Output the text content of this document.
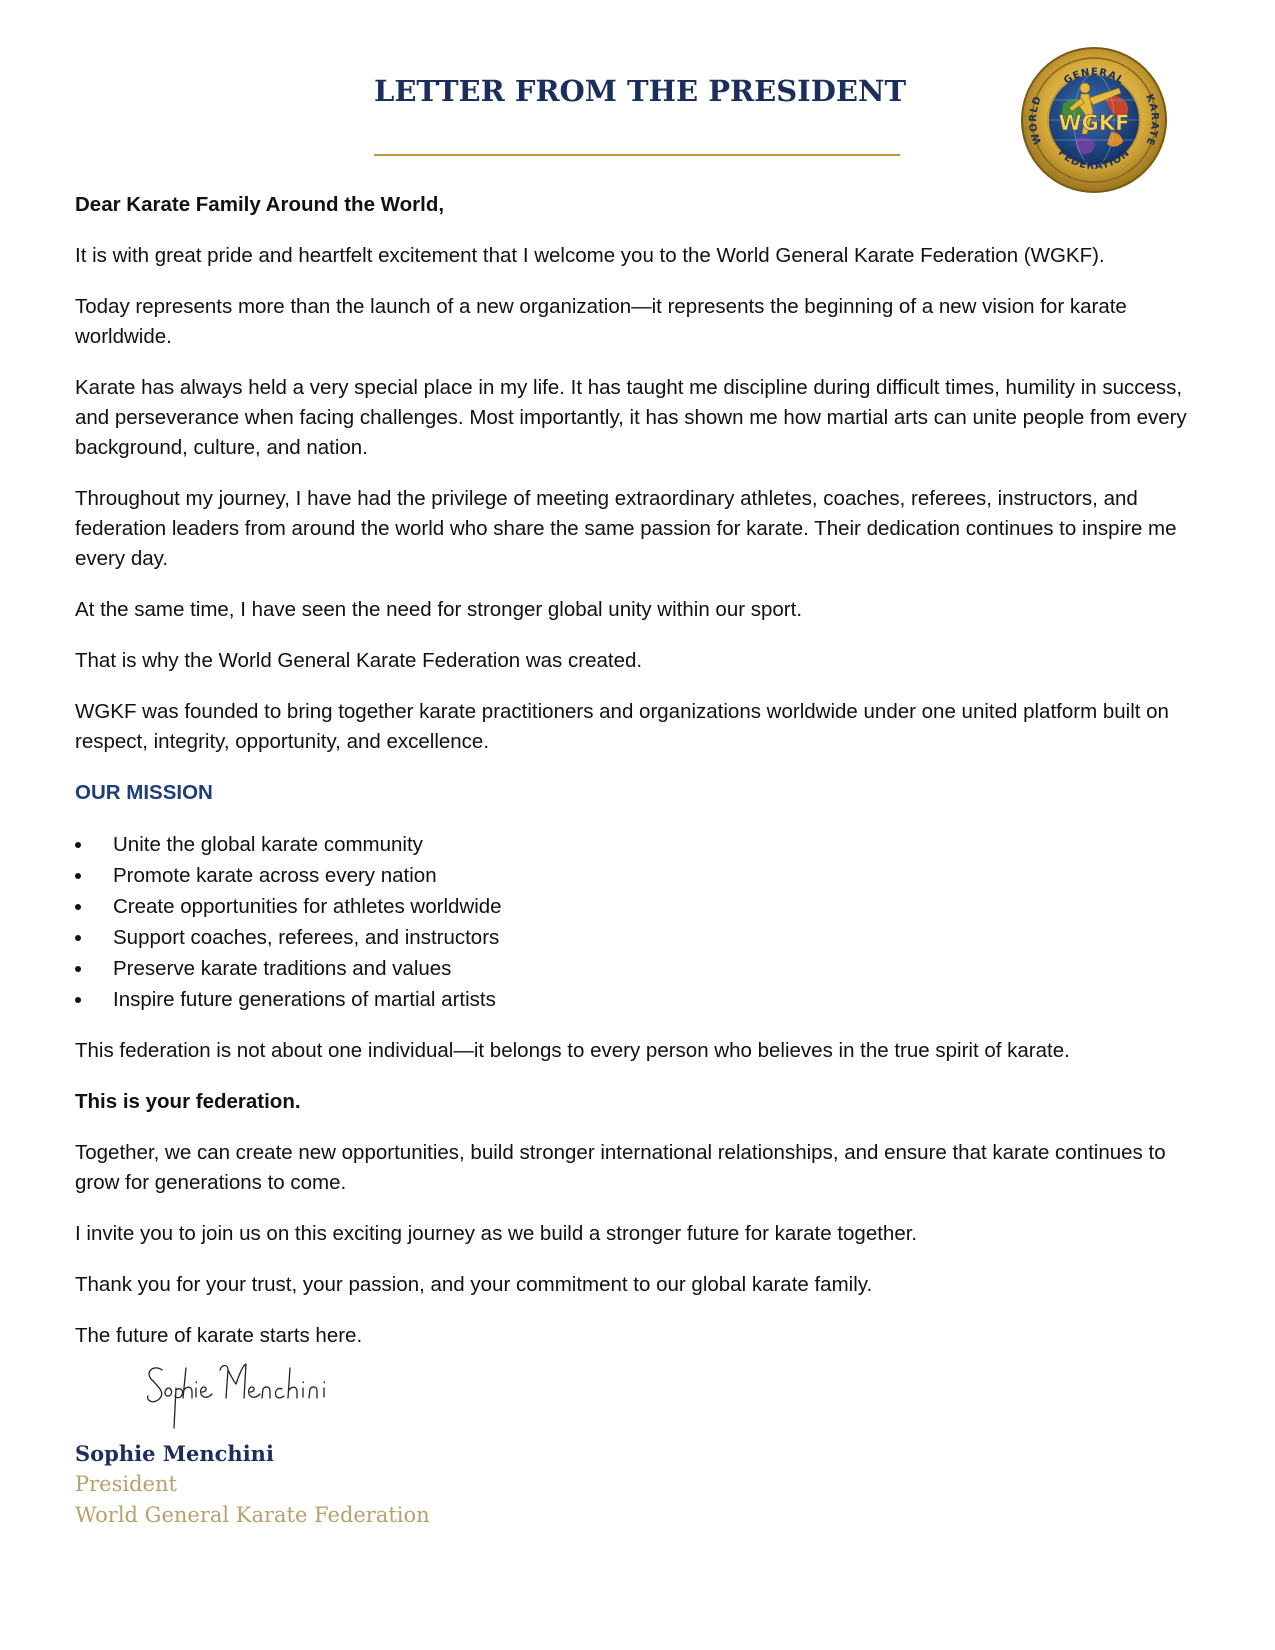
LETTER FROM THE PRESIDENT
WGKF
GENERAL
WORLD	KARATE
FEDERATION

Dear Karate Family Around the World,

It is with great pride and heartfelt excitement that I welcome you to the World General Karate Federation (WGKF).

Today represents more than the launch of a new organization—it represents the beginning of a new vision for karate worldwide.

Karate has always held a very special place in my life. It has taught me discipline during difficult times, humility in success, and perseverance when facing challenges. Most importantly, it has shown me how martial arts can unite people from every background, culture, and nation.

Throughout my journey, I have had the privilege of meeting extraordinary athletes, coaches, referees, instructors, and federation leaders from around the world who share the same passion for karate. Their dedication continues to inspire me every day.

At the same time, I have seen the need for stronger global unity within our sport.

That is why the World General Karate Federation was created.

WGKF was founded to bring together karate practitioners and organizations worldwide under one united platform built on respect, integrity, opportunity, and excellence.

OUR MISSION

Unite the global karate community
Promote karate across every nation
Create opportunities for athletes worldwide
Support coaches, referees, and instructors
Preserve karate traditions and values
Inspire future generations of martial artists

This federation is not about one individual—it belongs to every person who believes in the true spirit of karate.

This is your federation.

Together, we can create new opportunities, build stronger international relationships, and ensure that karate continues to grow for generations to come.

I invite you to join us on this exciting journey as we build a stronger future for karate together.

Thank you for your trust, your passion, and your commitment to our global karate family.

The future of karate starts here.

Sophie Menchini
President
World General Karate Federation
